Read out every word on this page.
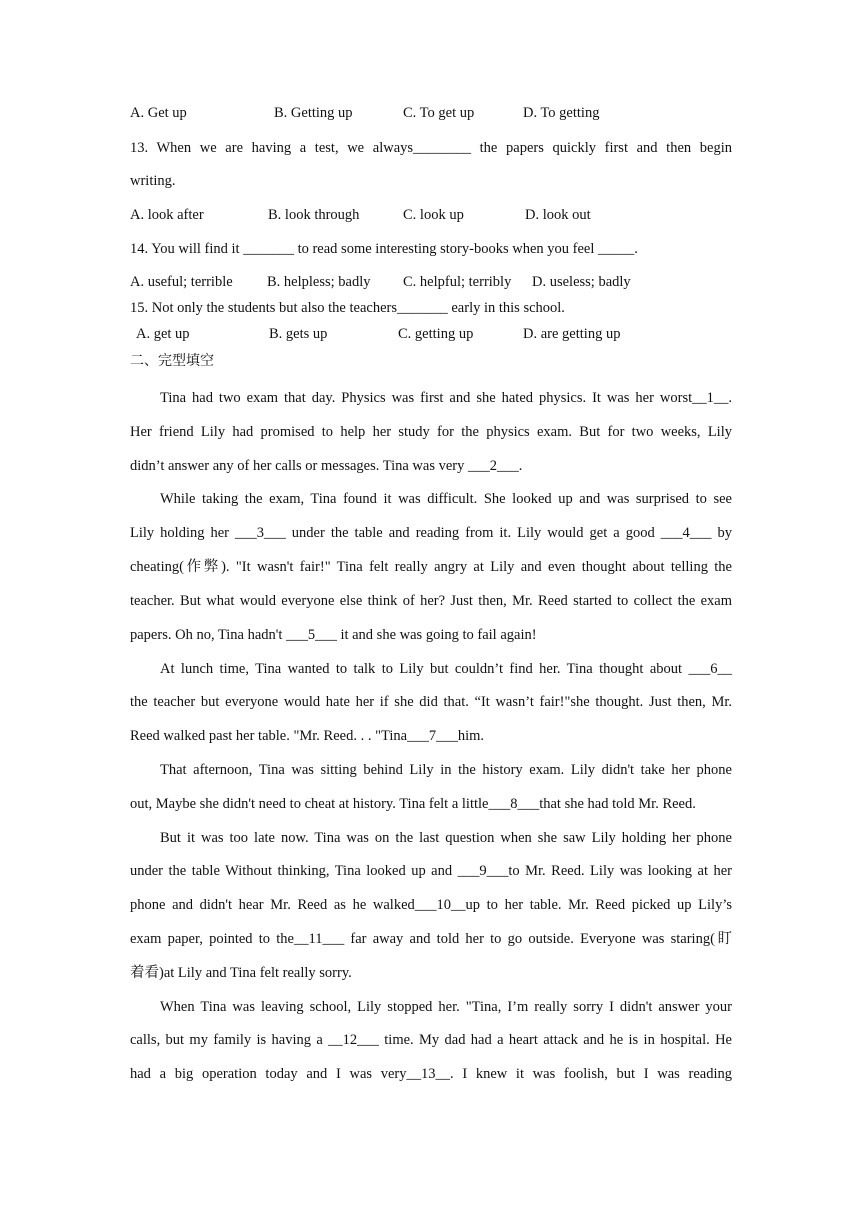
A. Get up	B. Getting up	C. To get up	D. To getting
13. When we are having a test, we always________ the papers quickly first and then begin
writing.
A. look after	B. look through	C. look up	D. look out
14. You will find it _______ to read some interesting story-books when you feel _____.
A. useful; terrible B. helpless; badly C. helpful; terribly D. useless; badly
15. Not only the students but also the teachers_______ early in this school.
A. get up	B. gets up	C. getting up	D. are getting up
二、完型填空
Tina had two exam that day. Physics was first and she hated physics. It was her worst__1__.
Her friend Lily had promised to help her study for the physics exam. But for two weeks, Lily
didn’t answer any of her calls or messages. Tina was very ___2___.
While taking the exam, Tina found it was difficult. She looked up and was surprised to see
Lily holding her ___3___ under the table and reading from it. Lily would get a good ___4___ by
cheating(作弊). "It wasn't fair!" Tina felt really angry at Lily and even thought about telling the
teacher. But what would everyone else think of her? Just then, Mr. Reed started to collect the exam
papers. Oh no, Tina hadn't ___5___ it and she was going to fail again!
At lunch time, Tina wanted to talk to Lily but couldn’t find her. Tina thought about ___6__
the teacher but everyone would hate her if she did that. “It wasn’t fair!"she thought. Just then, Mr.
Reed walked past her table. "Mr. Reed. . . "Tina___7___him.
That afternoon, Tina was sitting behind Lily in the history exam. Lily didn't take her phone
out, Maybe she didn't need to cheat at history. Tina felt a little___8___that she had told Mr. Reed.
But it was too late now. Tina was on the last question when she saw Lily holding her phone
under the table Without thinking, Tina looked up and ___9___to Mr. Reed. Lily was looking at her
phone and didn't hear Mr. Reed as he walked___10__up to her table. Mr. Reed picked up Lily’s
exam paper, pointed to the__11___ far away and told her to go outside. Everyone was staring(盯
着看)at Lily and Tina felt really sorry.
When Tina was leaving school, Lily stopped her. "Tina, I’m really sorry I didn't answer your
calls, but my family is having a __12___ time. My dad had a heart attack and he is in hospital. He
had a big operation today and I was very__13__. I knew it was foolish, but I was reading
